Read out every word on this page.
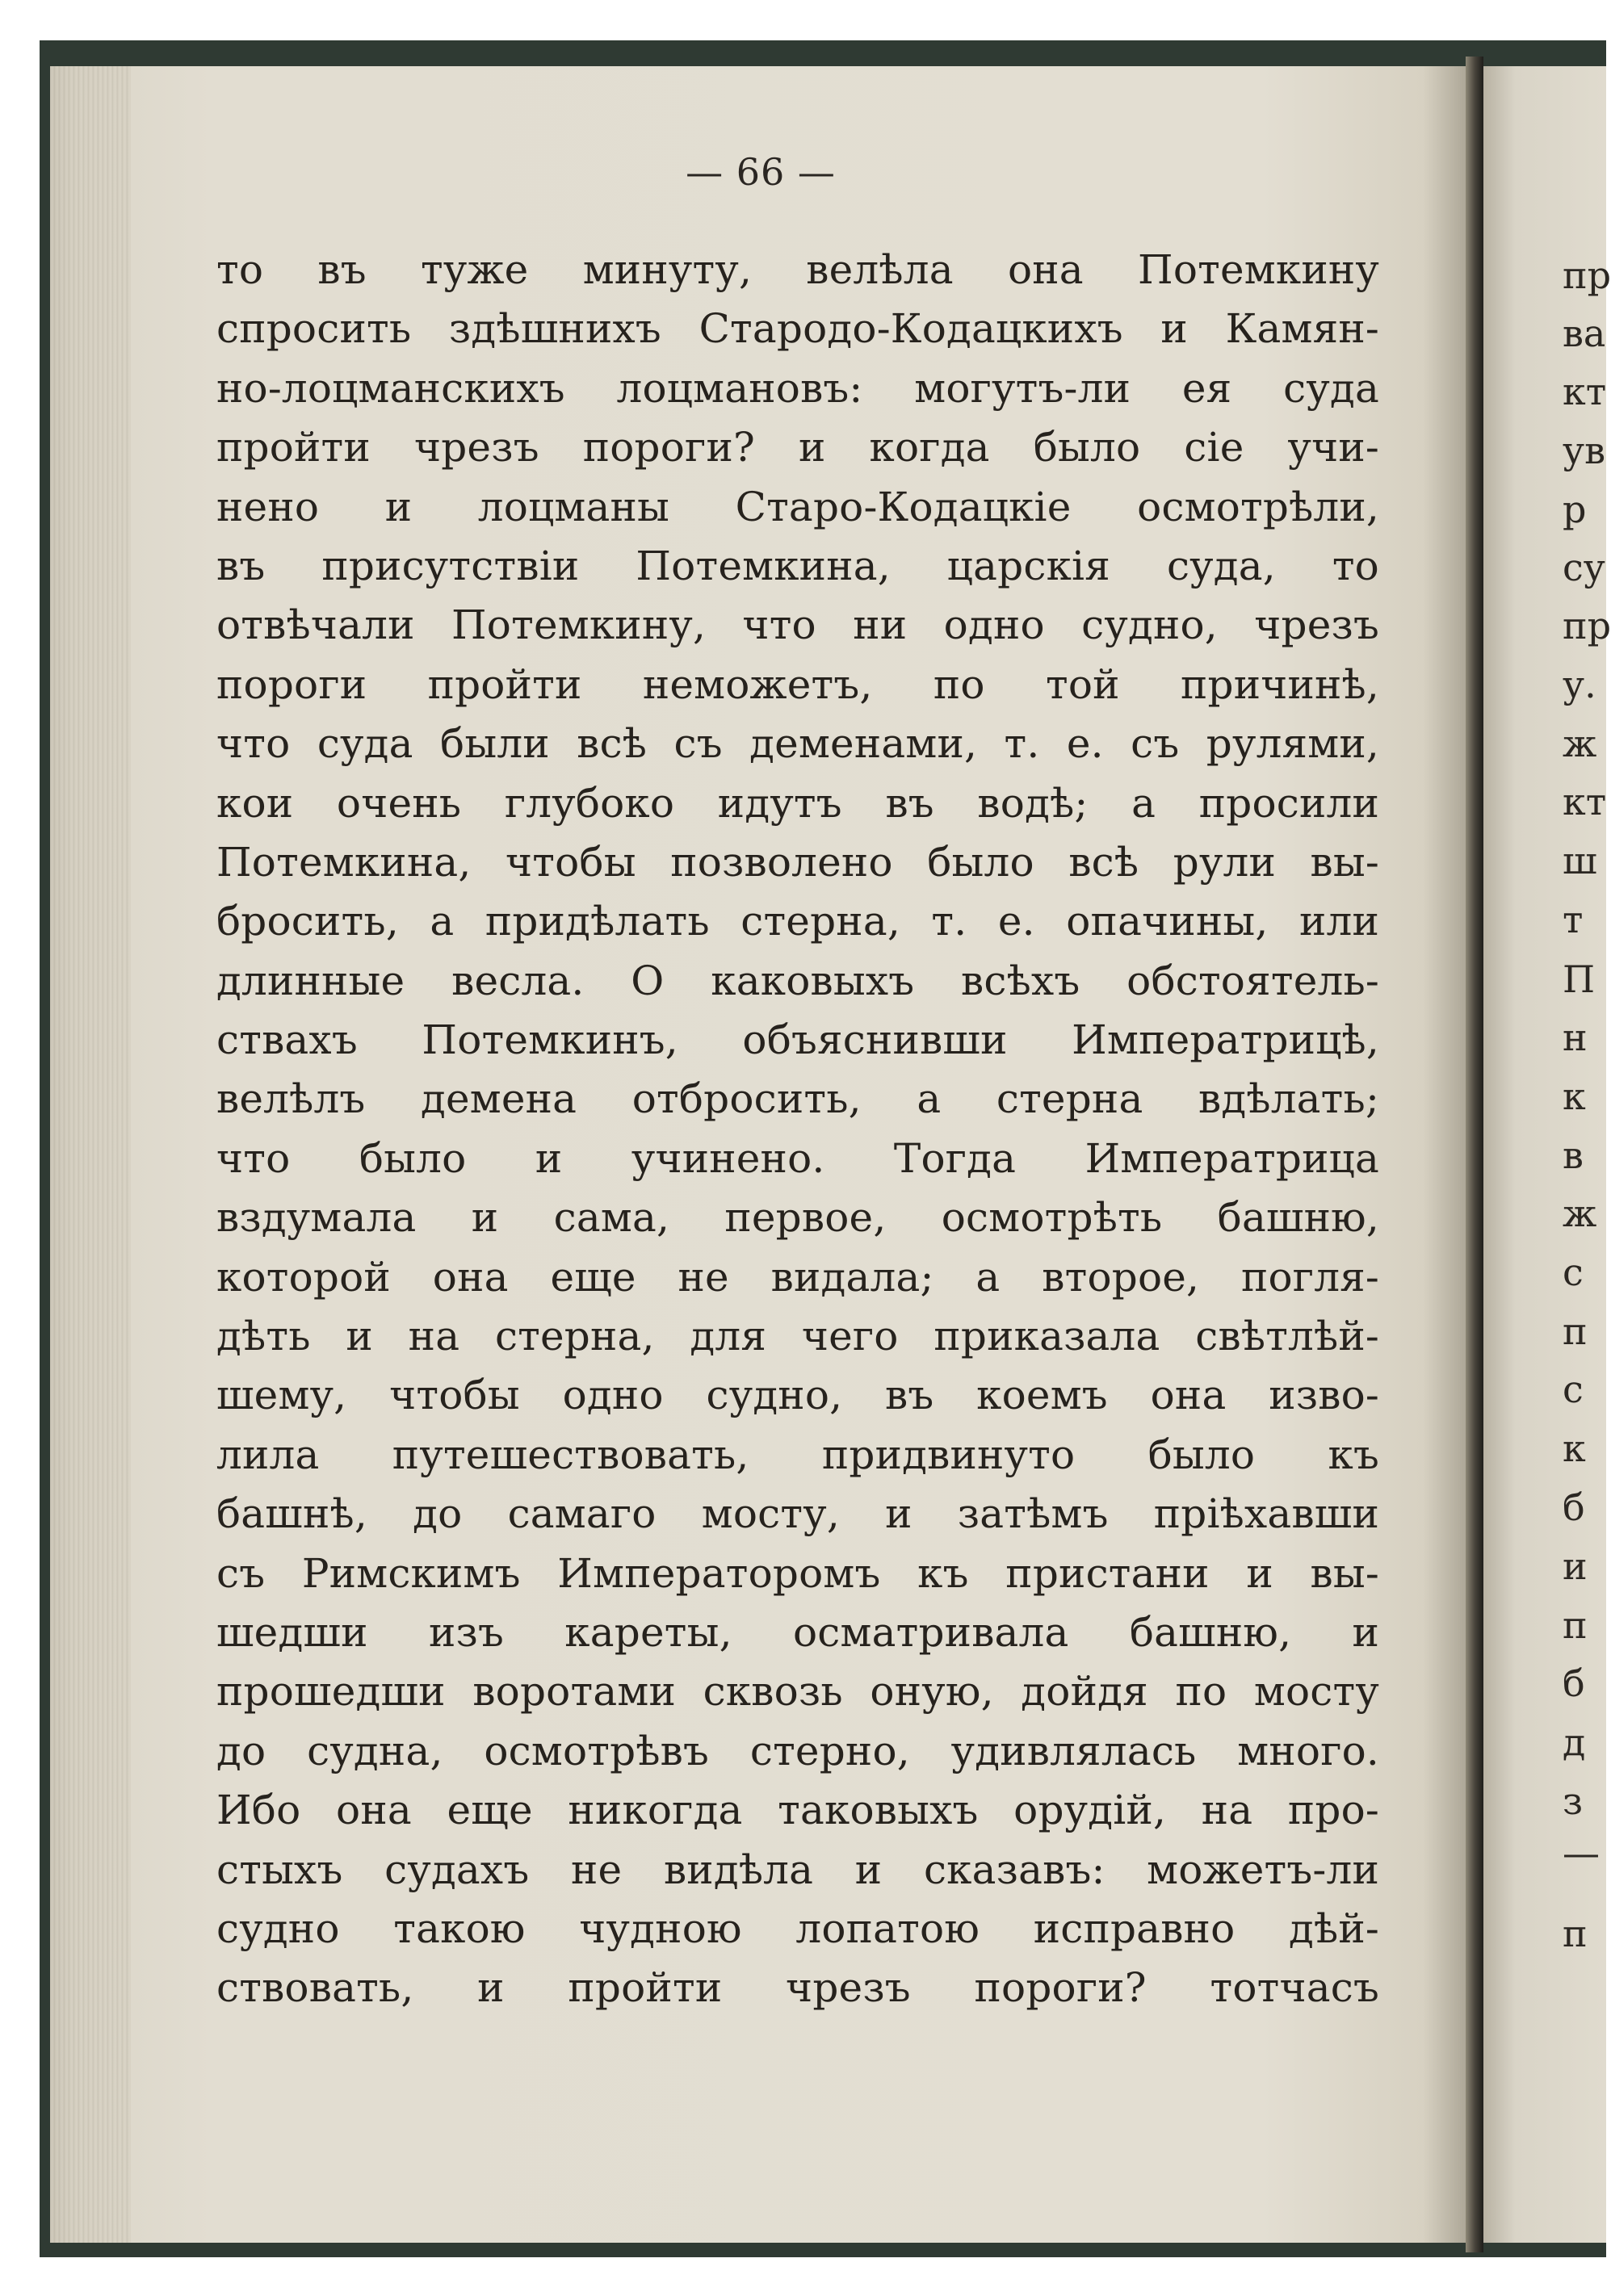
— 66 —
то въ туже минуту, велѣла она Потемкину
спросить здѣшнихъ Стародо-Кодацкихъ и Камян-
но-лоцманскихъ лоцмановъ: могутъ-ли ея суда
пройти чрезъ пороги? и когда было сіе учи-
нено и лоцманы Старо-Кодацкіе осмотрѣли,
въ присутствіи Потемкина, царскія суда, то
отвѣчали Потемкину, что ни одно судно, чрезъ
пороги пройти неможетъ, по той причинѣ,
что суда были всѣ съ деменами, т. е. съ рулями,
кои очень глубоко идутъ въ водѣ; а просили
Потемкина, чтобы позволено было всѣ рули вы-
бросить, а придѣлать стерна, т. е. опачины, или
длинные весла. О каковыхъ всѣхъ обстоятель-
ствахъ Потемкинъ, объяснивши Императрицѣ,
велѣлъ демена отбросить, а стерна вдѣлать;
что было и учинено. Тогда Императрица
вздумала и сама, первое, осмотрѣть башню,
которой она еще не видала; а второе, погля-
дѣть и на стерна, для чего приказала свѣтлѣй-
шему, чтобы одно судно, въ коемъ она изво-
лила путешествовать, придвинуто было къ
башнѣ, до самаго мосту, и затѣмъ пріѣхавши
съ Римскимъ Императоромъ къ пристани и вы-
шедши изъ кареты, осматривала башню, и
прошедши воротами сквозь оную, дойдя по мосту
до судна, осмотрѣвъ стерно, удивлялась много.
Ибо она еще никогда таковыхъ орудій, на про-
стыхъ судахъ не видѣла и сказавъ: можетъ-ли
судно такою чудною лопатою исправно дѣй-
ствовать, и пройти чрезъ пороги? тотчасъ
пр
ва
кт
ув
р
су
пр
у.
ж
кт
ш
т
П
н
к
в
ж
с
п
с
к
б
и
п
б
д
з
—
п
